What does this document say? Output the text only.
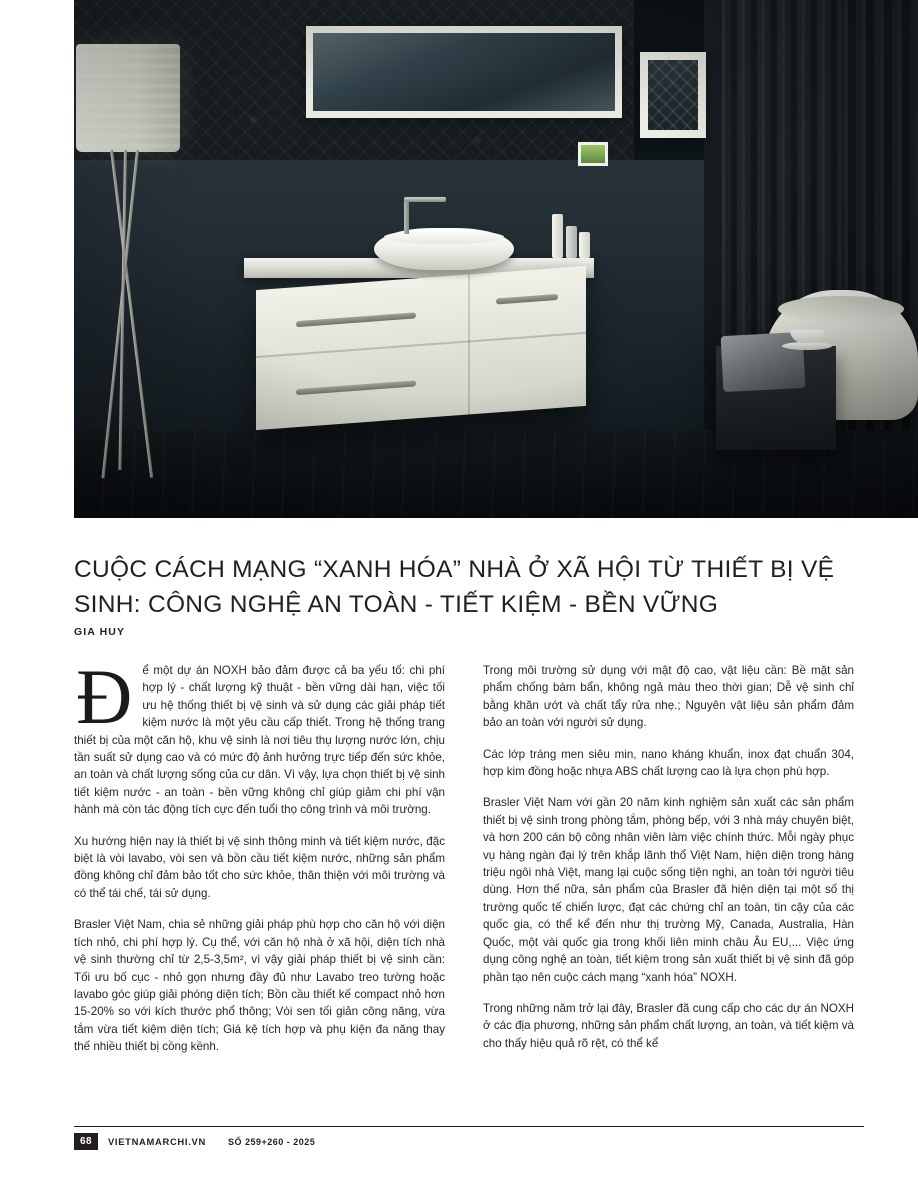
CUỘC CÁCH MẠNG “XANH HÓA” NHÀ Ở XÃ HỘI TỪ THIẾT BỊ VỆ SINH: CÔNG NGHỆ AN TOÀN - TIẾT KIỆM - BỀN VỮNG
GIA HUY

Đ ể một dự án NOXH bảo đảm được cả ba yếu tố: chi phí hợp lý - chất lượng kỹ thuật - bền vững dài hạn, việc tối ưu hệ thống thiết bị vệ sinh và sử dụng các giải pháp tiết kiệm nước là một yêu cầu cấp thiết. Trong hệ thống trang thiết bị của một căn hộ, khu vệ sinh là nơi tiêu thụ lượng nước lớn, chịu tần suất sử dụng cao và có mức độ ảnh hưởng trực tiếp đến sức khỏe, an toàn và chất lượng sống của cư dân. Vì vậy, lựa chọn thiết bị vệ sinh tiết kiệm nước - an toàn - bền vững không chỉ giúp giảm chi phí vận hành mà còn tác động tích cực đến tuổi thọ công trình và môi trường.

Xu hướng hiện nay là thiết bị vệ sinh thông minh và tiết kiệm nước, đặc biệt là vòi lavabo, vòi sen và bồn cầu tiết kiệm nước, những sản phẩm đồng không chỉ đảm bảo tốt cho sức khỏe, thân thiện với môi trường và có thể tái chế, tái sử dụng.

Brasler Việt Nam, chia sẻ những giải pháp phù hợp cho căn hộ với diện tích nhỏ, chi phí hợp lý. Cụ thể, với căn hộ nhà ở xã hội, diện tích nhà vệ sinh thường chỉ từ 2,5-3,5m², vì vậy giải pháp thiết bị vệ sinh cần: Tối ưu bố cục - nhỏ gọn nhưng đầy đủ như Lavabo treo tường hoặc lavabo góc giúp giải phóng diện tích; Bồn cầu thiết kế compact nhỏ hơn 15-20% so với kích thước phổ thông; Vòi sen tối giản công năng, vừa tắm vừa tiết kiệm diện tích; Giá kệ tích hợp và phụ kiện đa năng thay thế nhiều thiết bị cồng kềnh.

Trong môi trường sử dụng với mật độ cao, vật liệu cần: Bề mặt sản phẩm chống bám bẩn, không ngả màu theo thời gian; Dễ vệ sinh chỉ bằng khăn ướt và chất tẩy rửa nhẹ.; Nguyên vật liệu sản phẩm đảm bảo an toàn với người sử dụng.

Các lớp tráng men siêu min, nano kháng khuẩn, inox đạt chuẩn 304, hợp kim đồng hoặc nhựa ABS chất lượng cao là lựa chọn phù hợp.

Brasler Việt Nam với gần 20 năm kinh nghiệm sản xuất các sản phẩm thiết bị vệ sinh trong phòng tắm, phòng bếp, với 3 nhà máy chuyên biệt, và hơn 200 cán bộ công nhân viên làm việc chính thức. Mỗi ngày phục vụ hàng ngàn đại lý trên khắp lãnh thổ Việt Nam, hiện diện trong hàng triệu ngôi nhà Việt, mang lại cuộc sống tiện nghi, an toàn tới người tiêu dùng. Hơn thế nữa, sản phẩm của Brasler đã hiện diện tại một số thị trường quốc tế chiến lược, đạt các chứng chỉ an toàn, tin cậy của các quốc gia, có thể kể đến như thị trường Mỹ, Canada, Australia, Hàn Quốc, một vài quốc gia trong khối liên minh châu Âu EU,... Việc ứng dụng công nghệ an toàn, tiết kiệm trong sản xuất thiết bị vệ sinh đã góp phần tạo nên cuộc cách mạng “xanh hóa” NOXH.

Trong những năm trở lại đây, Brasler đã cung cấp cho các dự án NOXH ở các địa phương, những sản phẩm chất lượng, an toàn, và tiết kiệm và cho thấy hiệu quả rõ rệt, có thể kể

68	VIETNAMARCHI.VN SỐ 259+260 - 2025
